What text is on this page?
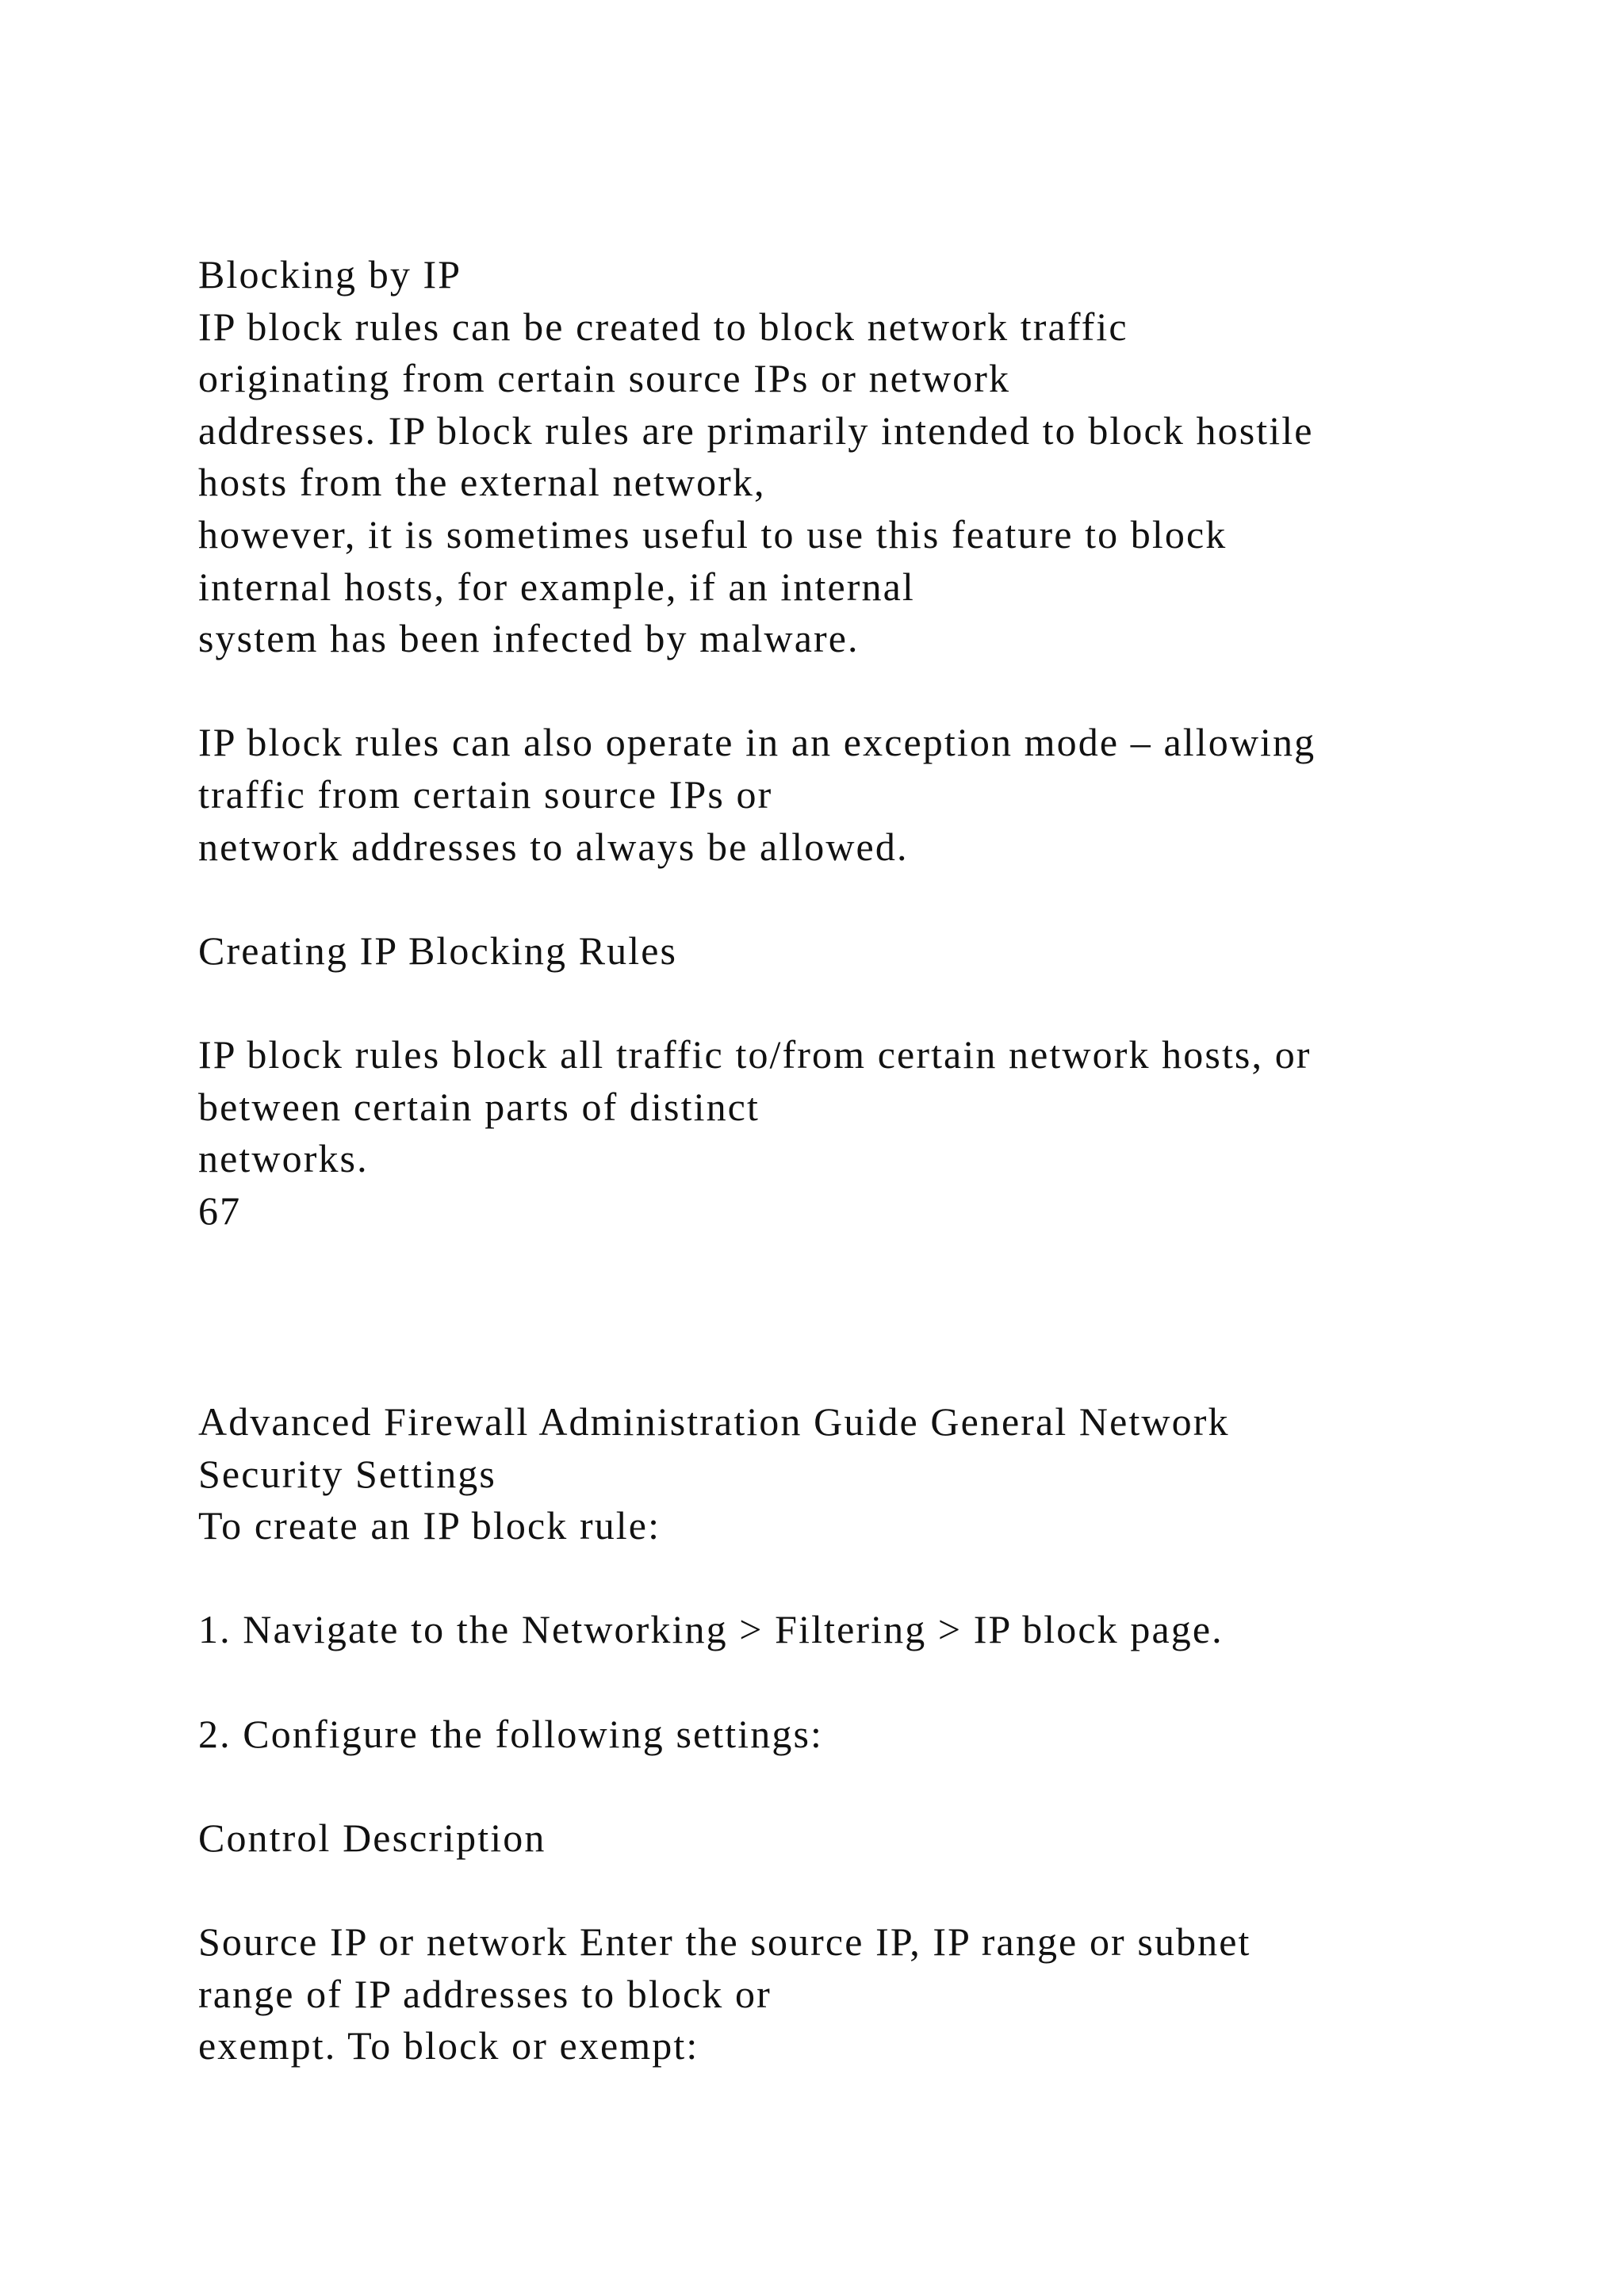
Blocking by IP
IP block rules can be created to block network traffic
originating from certain source IPs or network
addresses. IP block rules are primarily intended to block hostile
hosts from the external network,
however, it is sometimes useful to use this feature to block
internal hosts, for example, if an internal
system has been infected by malware.
IP block rules can also operate in an exception mode – allowing
traffic from certain source IPs or
network addresses to always be allowed.
Creating IP Blocking Rules
IP block rules block all traffic to/from certain network hosts, or
between certain parts of distinct
networks.
67
Advanced Firewall Administration Guide General Network
Security Settings
To create an IP block rule:
1. Navigate to the Networking > Filtering > IP block page.
2. Configure the following settings:
Control Description
Source IP or network Enter the source IP, IP range or subnet
range of IP addresses to block or
exempt. To block or exempt:
